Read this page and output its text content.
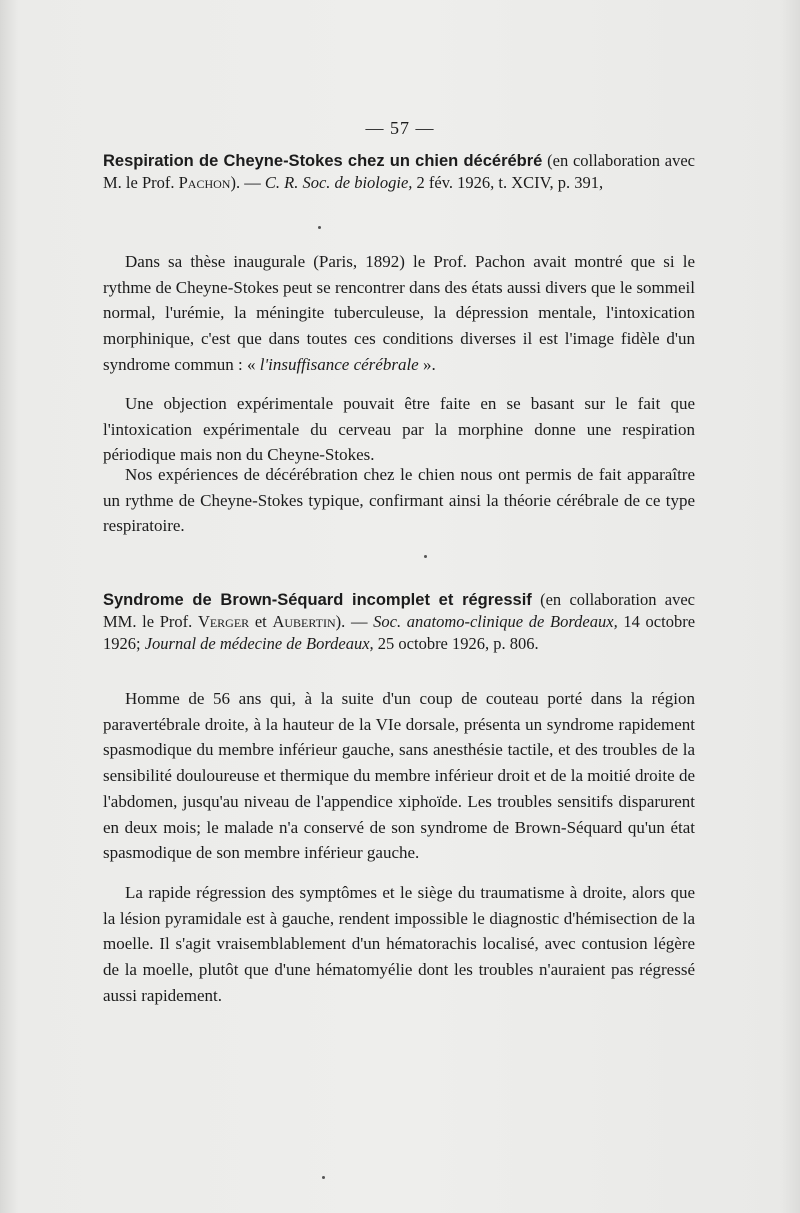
— 57 —
Respiration de Cheyne-Stokes chez un chien décérébré (en collaboration avec M. le Prof. Pachon). — C. R. Soc. de biologie, 2 fév. 1926, t. XCIV, p. 391,
Dans sa thèse inaugurale (Paris, 1892) le Prof. Pachon avait montré que si le rythme de Cheyne-Stokes peut se rencontrer dans des états aussi divers que le sommeil normal, l'urémie, la méningite tuberculeuse, la dépression mentale, l'intoxication morphinique, c'est que dans toutes ces conditions diverses il est l'image fidèle d'un syndrome commun : « l'insuffisance cérébrale ».
Une objection expérimentale pouvait être faite en se basant sur le fait que l'intoxication expérimentale du cerveau par la morphine donne une respiration périodique mais non du Cheyne-Stokes.
Nos expériences de décérébration chez le chien nous ont permis de fait apparaître un rythme de Cheyne-Stokes typique, confirmant ainsi la théorie cérébrale de ce type respiratoire.
Syndrome de Brown-Séquard incomplet et régressif (en collaboration avec MM. le Prof. Verger et Aubertin). — Soc. anatomo-clinique de Bordeaux, 14 octobre 1926; Journal de médecine de Bordeaux, 25 octobre 1926, p. 806.
Homme de 56 ans qui, à la suite d'un coup de couteau porté dans la région paravertébrale droite, à la hauteur de la VIe dorsale, présenta un syndrome rapidement spasmodique du membre inférieur gauche, sans anesthésie tactile, et des troubles de la sensibilité douloureuse et thermique du membre inférieur droit et de la moitié droite de l'abdomen, jusqu'au niveau de l'appendice xiphoïde. Les troubles sensitifs disparurent en deux mois; le malade n'a conservé de son syndrome de Brown-Séquard qu'un état spasmodique de son membre inférieur gauche.
La rapide régression des symptômes et le siège du traumatisme à droite, alors que la lésion pyramidale est à gauche, rendent impossible le diagnostic d'hémisection de la moelle. Il s'agit vraisemblablement d'un hématorachis localisé, avec contusion légère de la moelle, plutôt que d'une hématomyélie dont les troubles n'auraient pas régressé aussi rapidement.
